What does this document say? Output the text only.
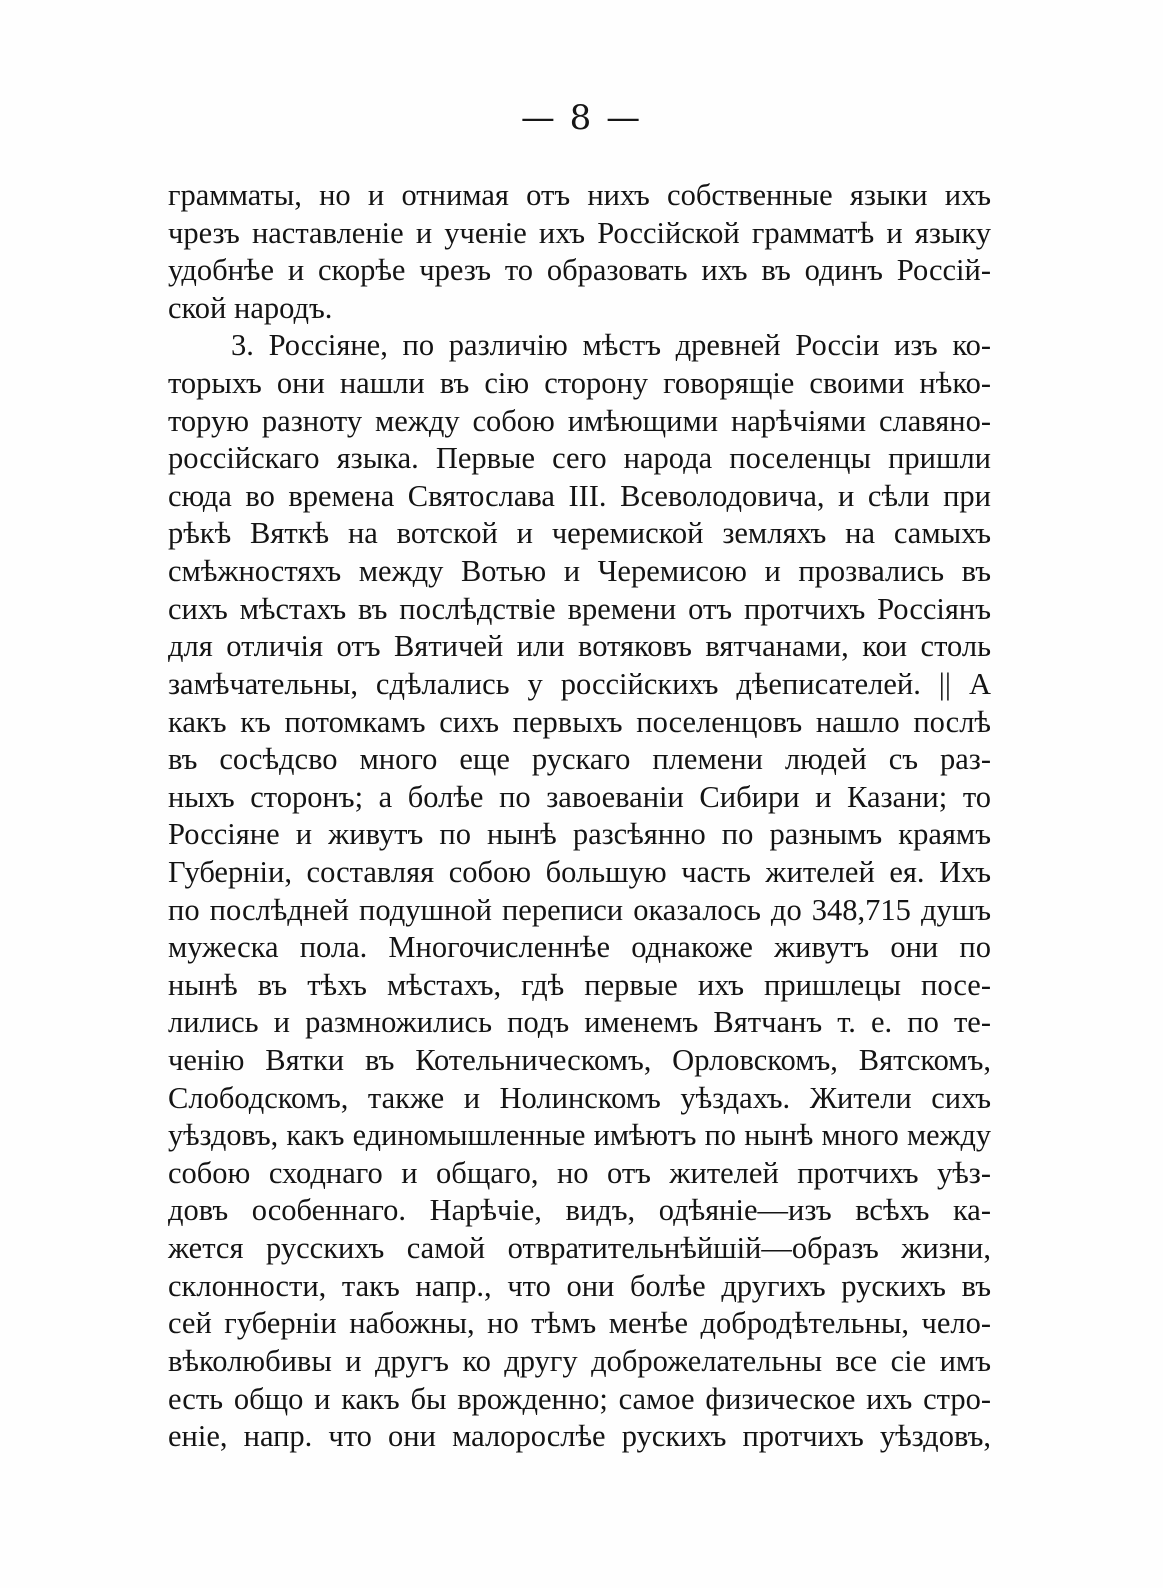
— 8 —
грамматы, но и отнимая отъ нихъ собственные языки ихъ
чрезъ наставленіе и ученіе ихъ Россійской грамматѣ и языку
удобнѣе и скорѣе чрезъ то образовать ихъ въ одинъ Россій-
ской народъ.
3. Россіяне, по различію мѣстъ древней Россіи изъ ко-
торыхъ они нашли въ сію сторону говорящіе своими нѣко-
торую разноту между собою имѣющими нарѣчіями славяно-
россійскаго языка. Первые сего народа поселенцы пришли
сюда во времена Святослава III. Всеволодовича, и сѣли при
рѣкѣ Вяткѣ на вотской и черемиской земляхъ на самыхъ
смѣжностяхъ между Вотью и Черемисою и прозвались въ
сихъ мѣстахъ въ послѣдствіе времени отъ протчихъ Россіянъ
для отличія отъ Вятичей или вотяковъ вятчанами, кои столь
замѣчательны, сдѣлались у россійскихъ дѣеписателей. || А
какъ къ потомкамъ сихъ первыхъ поселенцовъ нашло послѣ
въ сосѣдсво много еще рускаго племени людей съ раз-
ныхъ сторонъ; а болѣе по завоеваніи Сибири и Казани; то
Россіяне и живутъ по нынѣ разсѣянно по разнымъ краямъ
Губерніи, составляя собою большую часть жителей ея. Ихъ
по послѣдней подушной переписи оказалось до 348,715 душъ
мужеска пола. Многочисленнѣе однакоже живутъ они по
нынѣ въ тѣхъ мѣстахъ, гдѣ первые ихъ пришлецы посе-
лились и размножились подъ именемъ Вятчанъ т. е. по те-
ченію Вятки въ Котельническомъ, Орловскомъ, Вятскомъ,
Слободскомъ, также и Нолинскомъ уѣздахъ. Жители сихъ
уѣздовъ, какъ единомышленные имѣютъ по нынѣ много между
собою сходнаго и общаго, но отъ жителей протчихъ уѣз-
довъ особеннаго. Нарѣчіе, видъ, одѣяніе—изъ всѣхъ ка-
жется русскихъ самой отвратительнѣйшій—образъ жизни,
склонности, такъ напр., что они болѣе другихъ рускихъ въ
сей губерніи набожны, но тѣмъ менѣе добродѣтельны, чело-
вѣколюбивы и другъ ко другу доброжелательны все сіе имъ
есть общо и какъ бы врожденно; самое физическое ихъ стро-
еніе, напр. что они малорослѣе рускихъ протчихъ уѣздовъ,
